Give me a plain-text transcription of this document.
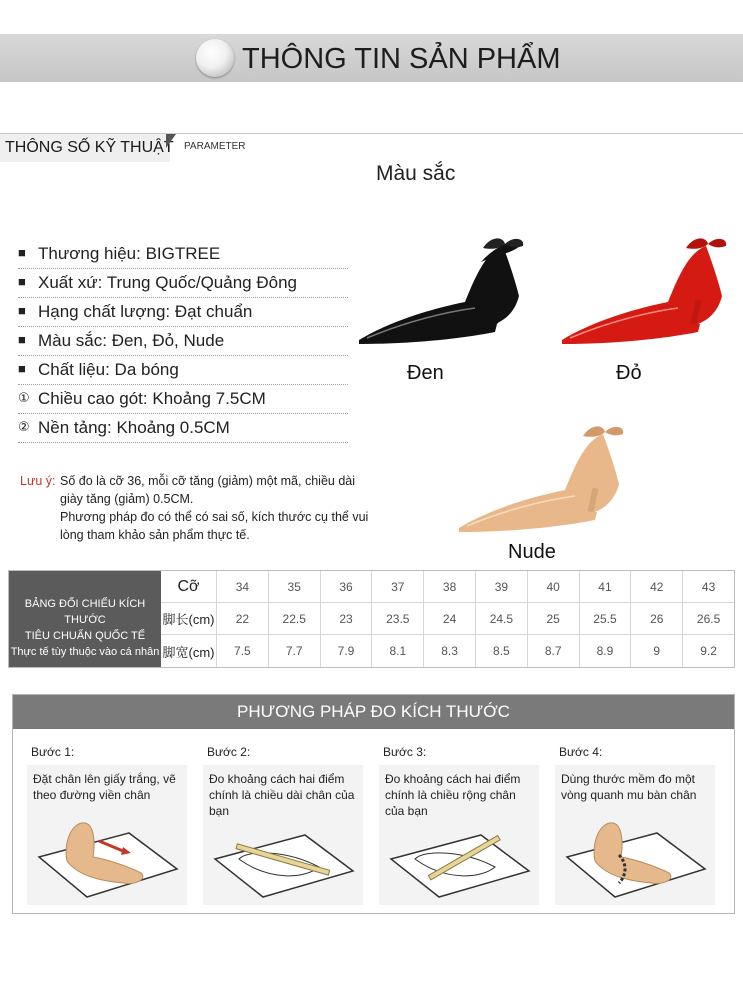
THÔNG TIN SẢN PHẨM
THÔNG SỐ KỸ THUẬT PARAMETER
Màu sắc
■ Thương hiệu: BIGTREE
■ Xuất xứ: Trung Quốc/Quảng Đông
■ Hạng chất lượng: Đạt chuẩn
■ Màu sắc: Đen, Đỏ, Nude
■ Chất liệu: Da bóng
① Chiều cao gót: Khoảng 7.5CM
② Nền tảng: Khoảng 0.5CM
Lưu ý: Số đo là cỡ 36, mỗi cỡ tăng (giảm) một mã, chiều dài giày tăng (giảm) 0.5CM.
Phương pháp đo có thể có sai số, kích thước cụ thể vui lòng tham khảo sản phẩm thực tế.
Đen	Đỏ
Nude
BẢNG ĐỐI CHIẾU KÍCH THƯỚC
TIÊU CHUẨN QUỐC TẾ
Thực tế tùy thuộc vào cá nhân
Cỡ	34	35	36	37	38	39	40	41	42	43
脚长(cm)	22	22.5	23	23.5	24	24.5	25	25.5	26	26.5
脚宽(cm)	7.5	7.7	7.9	8.1	8.3	8.5	8.7	8.9	9	9.2
PHƯƠNG PHÁP ĐO KÍCH THƯỚC
Bước 1:
Đặt chân lên giấy trắng, vẽ theo đường viền chân
Bước 2:
Đo khoảng cách hai điểm chính là chiều dài chân của bạn
Bước 3:
Đo khoảng cách hai điểm chính là chiều rộng chân của bạn
Bước 4:
Dùng thước mềm đo một vòng quanh mu bàn chân
